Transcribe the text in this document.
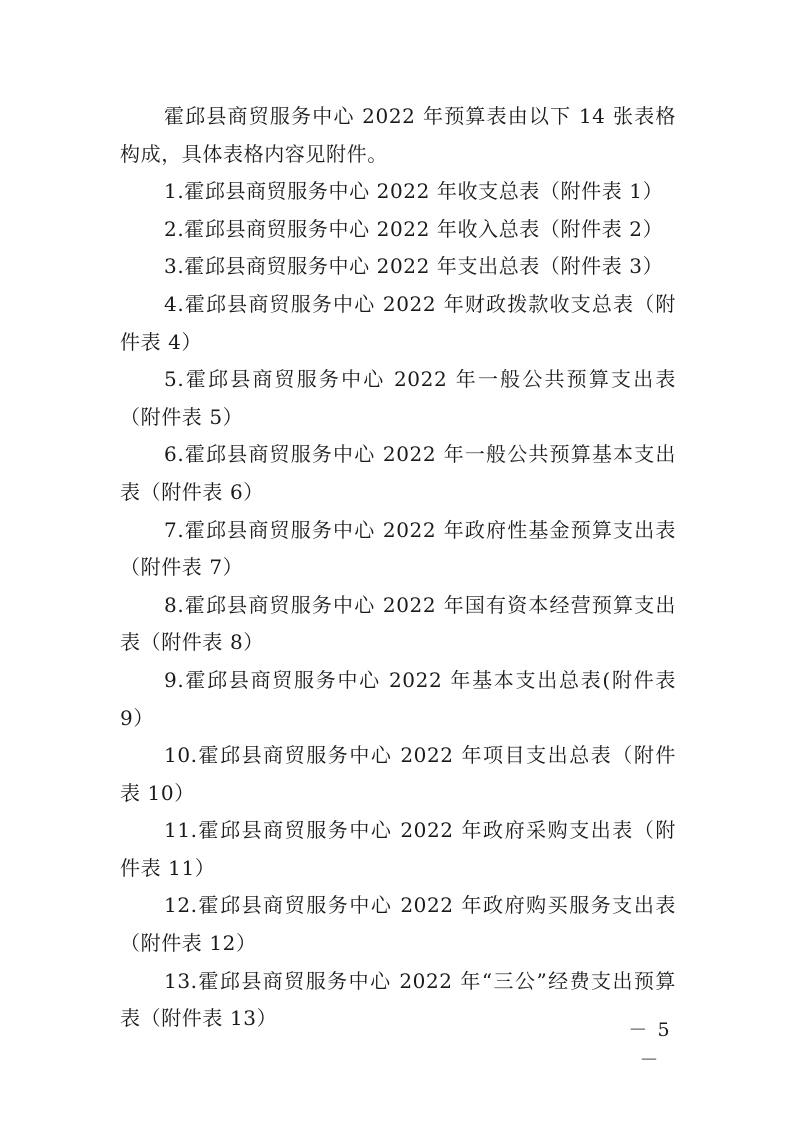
霍邱县商贸服务中心 2022 年预算表由以下 14 张表格构成，具体表格内容见附件。

1.霍邱县商贸服务中心 2022 年收支总表（附件表 1）

2.霍邱县商贸服务中心 2022 年收入总表（附件表 2）

3.霍邱县商贸服务中心 2022 年支出总表（附件表 3）

4.霍邱县商贸服务中心 2022 年财政拨款收支总表（附件表 4）

5.霍邱县商贸服务中心 2022 年一般公共预算支出表（附件表 5）

6.霍邱县商贸服务中心 2022 年一般公共预算基本支出表（附件表 6）

7.霍邱县商贸服务中心 2022 年政府性基金预算支出表（附件表 7）

8.霍邱县商贸服务中心 2022 年国有资本经营预算支出表（附件表 8）

9.霍邱县商贸服务中心 2022 年基本支出总表(附件表 9）

10.霍邱县商贸服务中心 2022 年项目支出总表（附件表 10）

11.霍邱县商贸服务中心 2022 年政府采购支出表（附件表 11）

12.霍邱县商贸服务中心 2022 年政府购买服务支出表（附件表 12）

13.霍邱县商贸服务中心 2022 年“三公”经费支出预算表（附件表 13）	－ 5 －
